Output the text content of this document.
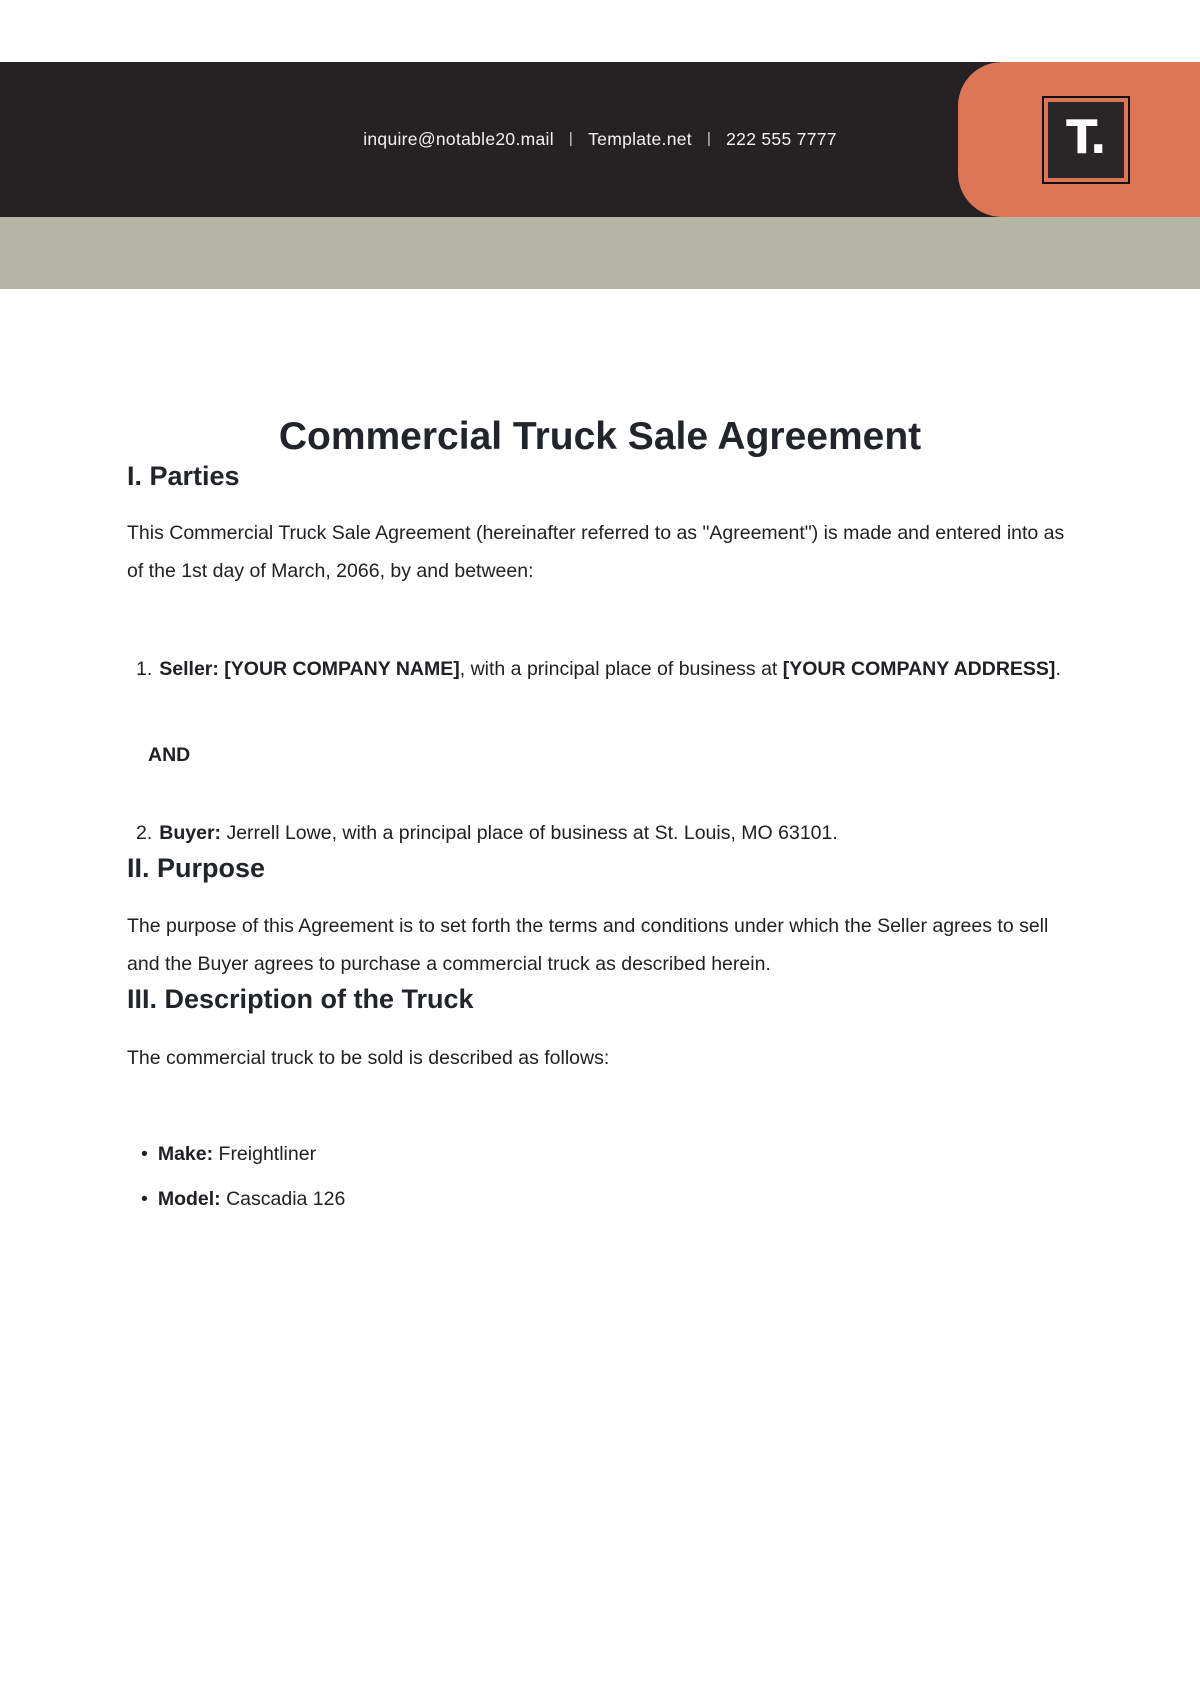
inquire@notable20.mail | Template.net | 222 555 7777	T.
Commercial Truck Sale Agreement
I. Parties

This Commercial Truck Sale Agreement (hereinafter referred to as "Agreement") is made and entered into as of the 1st day of March, 2066, by and between:

1. Seller: [YOUR COMPANY NAME], with a principal place of business at [YOUR COMPANY ADDRESS].

AND

2. Buyer: Jerrell Lowe, with a principal place of business at St. Louis, MO 63101.
II. Purpose

The purpose of this Agreement is to set forth the terms and conditions under which the Seller agrees to sell and the Buyer agrees to purchase a commercial truck as described herein.

III. Description of the Truck

The commercial truck to be sold is described as follows:

• Make: Freightliner
• Model: Cascadia 126
